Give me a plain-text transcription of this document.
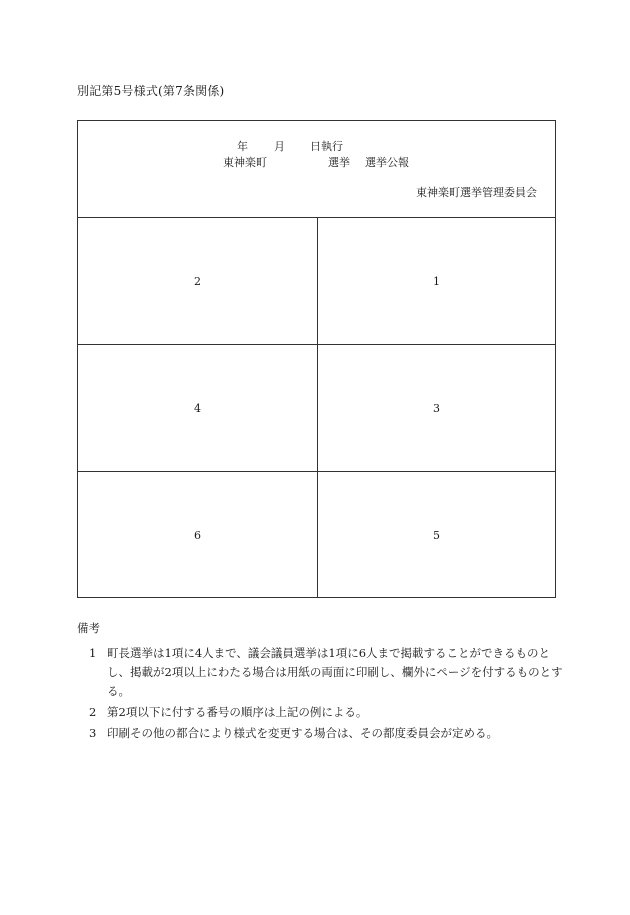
別記第5号様式(第7条関係)
年 月 日執行
東神楽町	選挙 選挙公報
東神楽町選挙管理委員会
2	1
4	3
6	5
備考
1 町長選挙は1項に4人まで、議会議員選挙は1項に6人まで掲載することができるものとし、掲載が2項以上にわたる場合は用紙の両面に印刷し、欄外にページを付するものとする。
2 第2項以下に付する番号の順序は上記の例による。
3 印刷その他の都合により様式を変更する場合は、その都度委員会が定める。
